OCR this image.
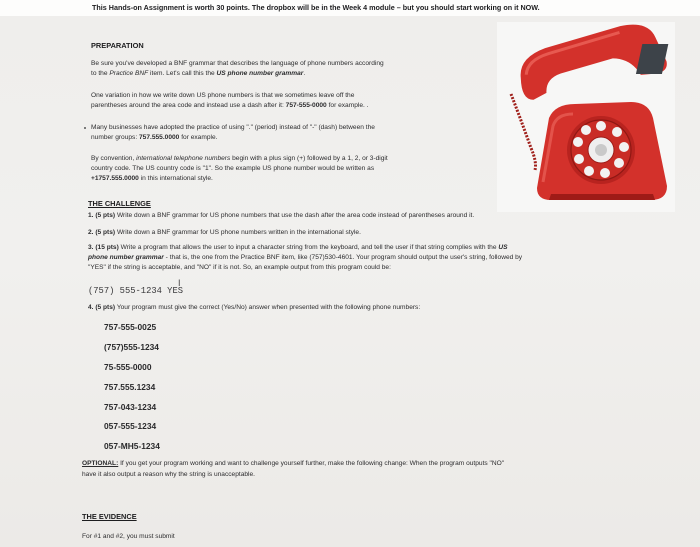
This Hands-on Assignment is worth 30 points. The dropbox will be in the Week 4 module – but you should start working on it NOW.
PREPARATION
Be sure you've developed a BNF grammar that describes the language of phone numbers according
to the Practice BNF item. Let's call this the US phone number grammar.
One variation in how we write down US phone numbers is that we sometimes leave off the
parentheses around the area code and instead use a dash after it: 757-555-0000 for example. .
Many businesses have adopted the practice of using "." (period) instead of "-" (dash) between the
number groups: 757.555.0000 for example.
By convention, international telephone numbers begin with a plus sign (+) followed by a 1, 2, or 3-digit
country code. The US country code is "1". So the example US phone number would be written as
+1757.555.0000 in this international style.
THE CHALLENGE
1. (5 pts) Write down a BNF grammar for US phone numbers that use the dash after the area code instead of parentheses around it.
2. (5 pts) Write down a BNF grammar for US phone numbers written in the international style.
3. (15 pts) Write a program that allows the user to input a character string from the keyboard, and tell the user if that string complies with the US
phone number grammar - that is, the one from the Practice BNF item, like (757)530-4601. Your program should output the user's string, followed by
"YES" if the string is acceptable, and "NO" if it is not. So, an example output from this program could be:
(757) 555-1234 YES
I
4. (5 pts) Your program must give the correct (Yes/No) answer when presented with the following phone numbers:
757-555-0025
(757)555-1234
75-555-0000
757.555.1234
757-043-1234
057-555-1234
057-MH5-1234
OPTIONAL: If you get your program working and want to challenge yourself further, make the following change: When the program outputs "NO"
have it also output a reason why the string is unacceptable.
THE EVIDENCE
For #1 and #2, you must submit
